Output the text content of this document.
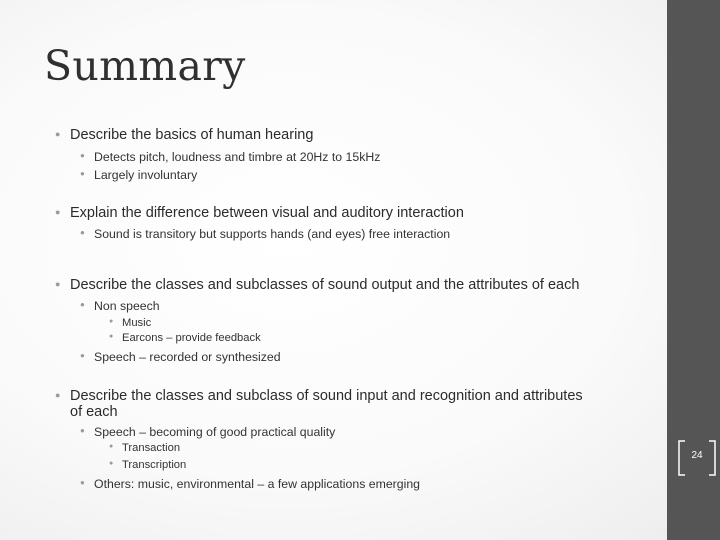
Summary
● Describe the basics of human hearing
● Detects pitch, loudness and timbre at 20Hz to 15kHz
● Largely involuntary
● Explain the difference between visual and auditory interaction
● Sound is transitory but supports hands (and eyes) free interaction
● Describe the classes and subclasses of sound output and the attributes of each
● Non speech
● Music
● Earcons – provide feedback
● Speech – recorded or synthesized
● Describe the classes and subclass of sound input and recognition and attributes
of each
● Speech – becoming of good practical quality
● Transaction
● Transcription
● Others: music, environmental – a few applications emerging
24
